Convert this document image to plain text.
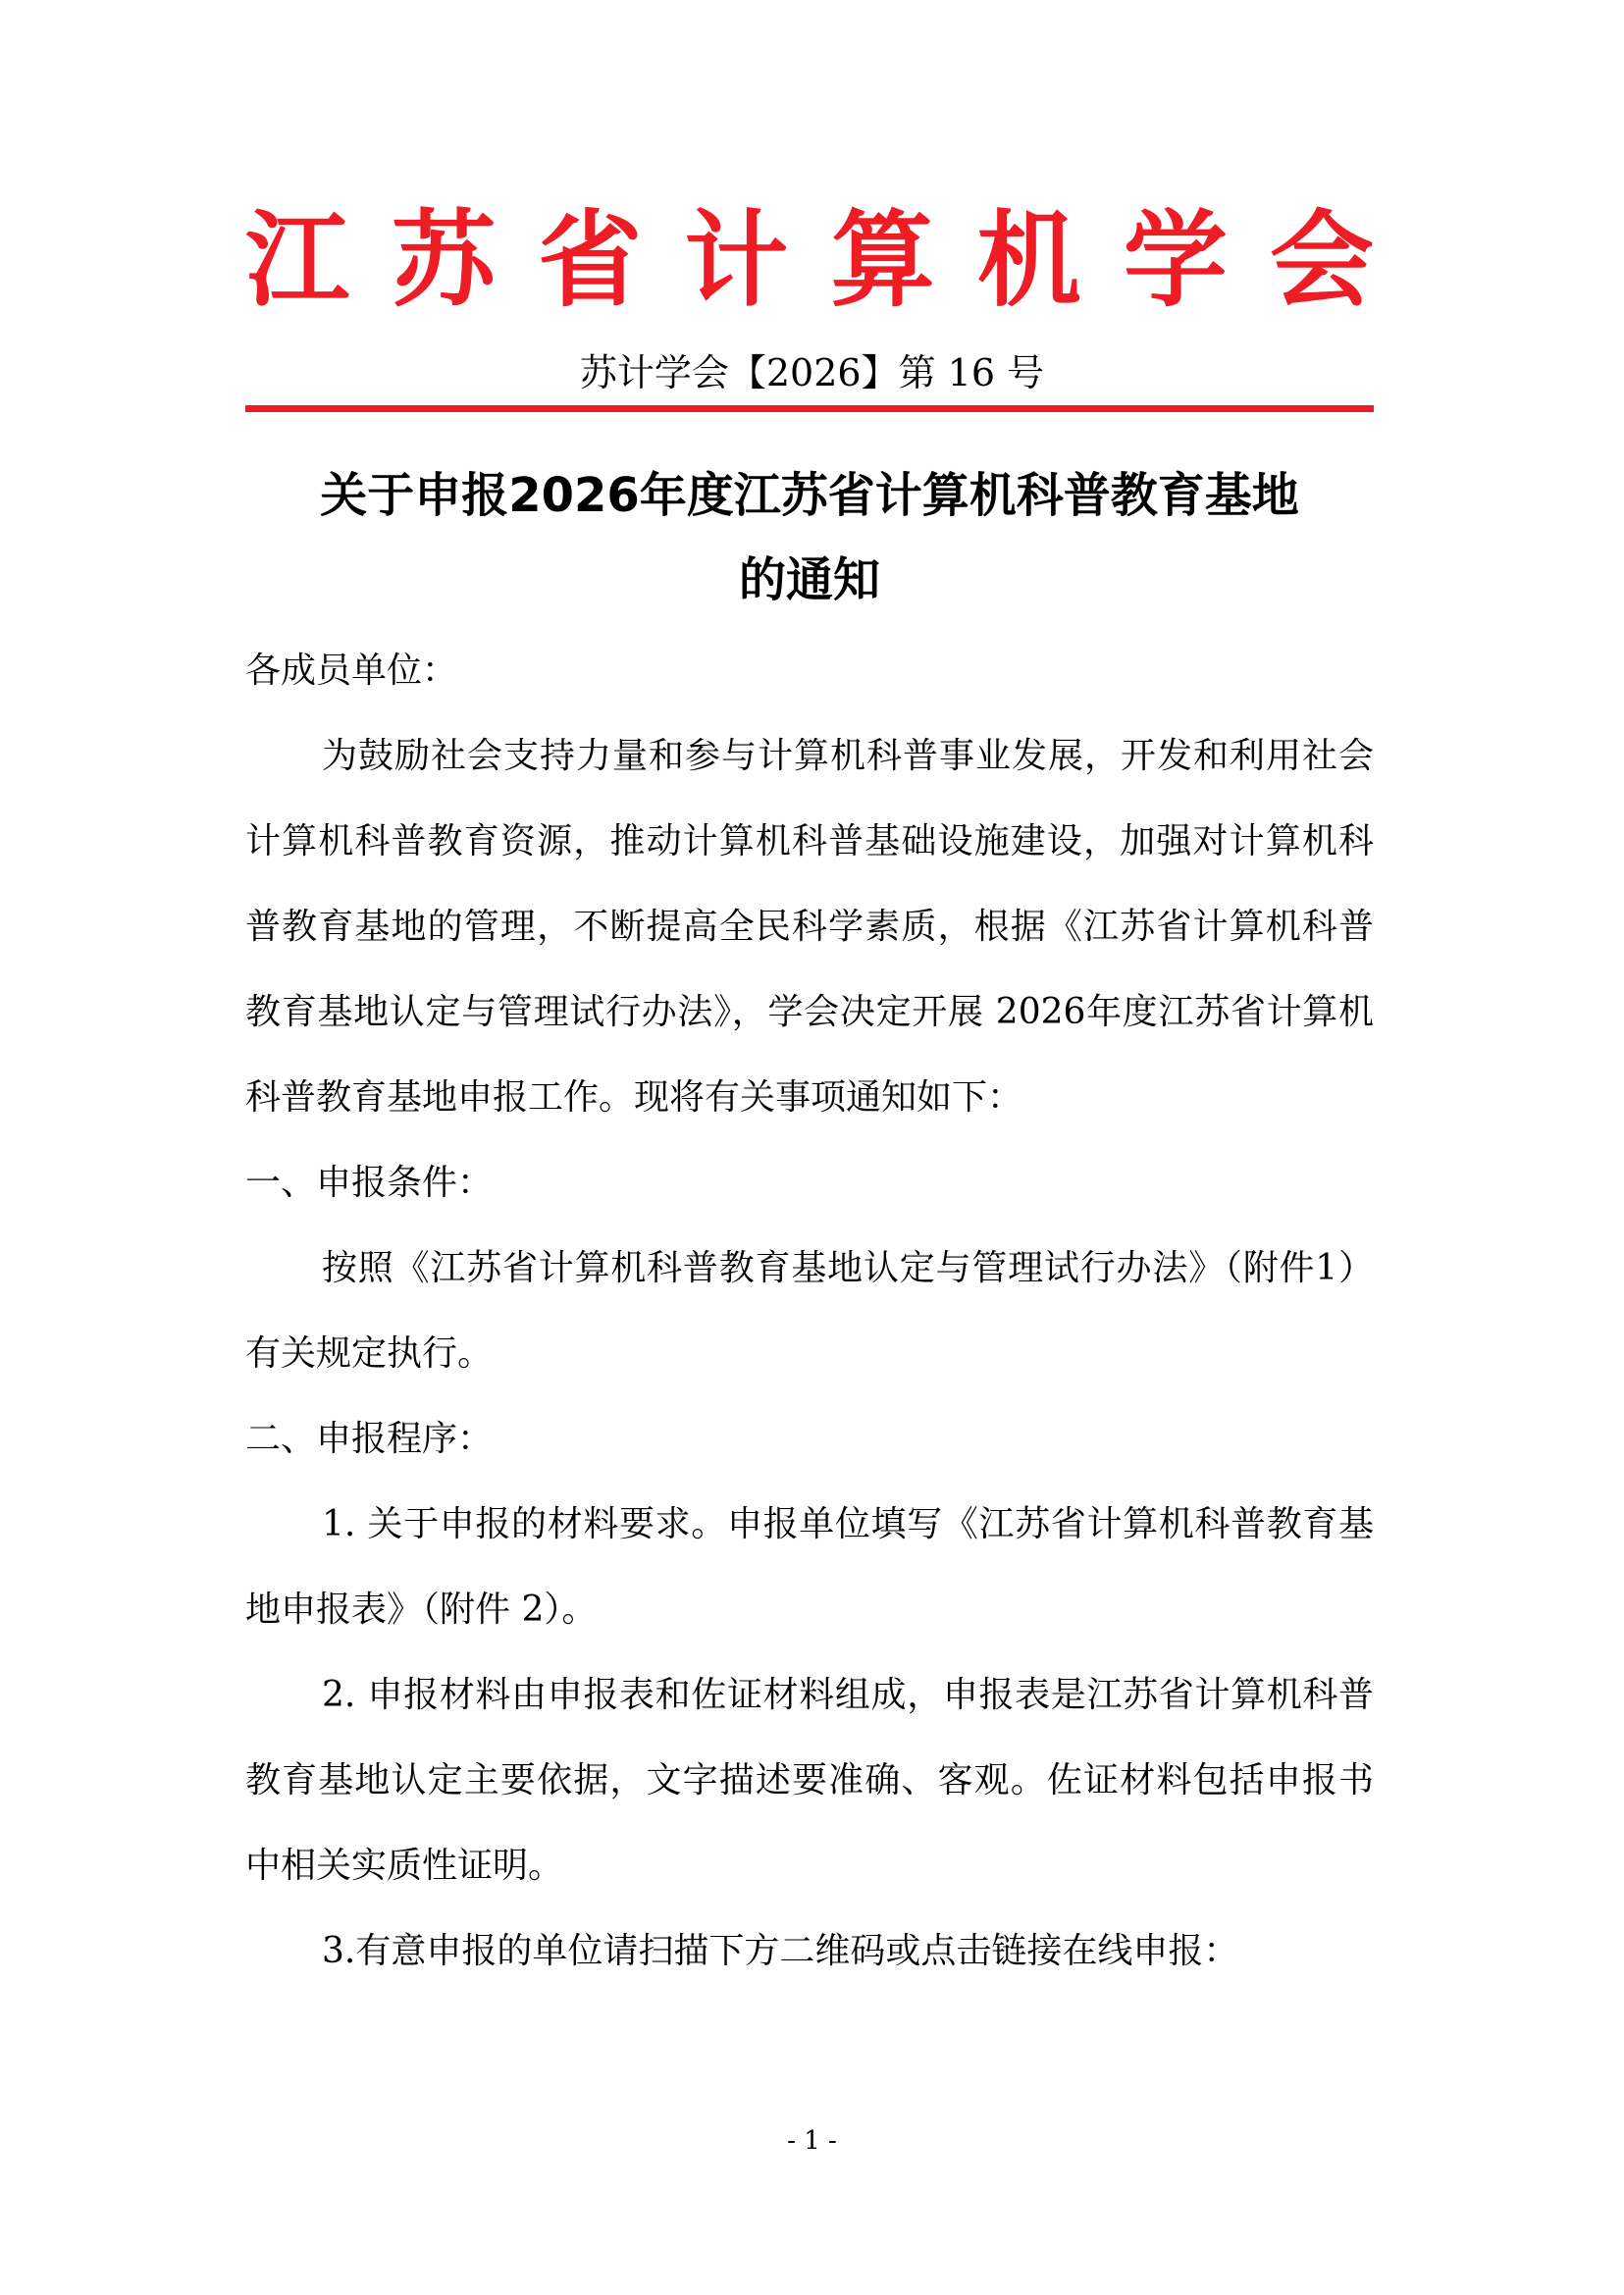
江 苏 省 计 算 机 学 会
苏计学会【2026】第 16 号
关于申报2026年度江苏省计算机科普教育基地
的通知

各成员单位：

为鼓励社会支持力量和参与计算机科普事业发展，开发和利用社会计算机科普教育资源，推动计算机科普基础设施建设，加强对计算机科普教育基地的管理，不断提高全民科学素质，根据《江苏省计算机科普教育基地认定与管理试行办法》，学会决定开展 2026年度江苏省计算机科普教育基地申报工作。现将有关事项通知如下：

一、申报条件：

按照《江苏省计算机科普教育基地认定与管理试行办法》（附件1）有关规定执行。

二、申报程序：

1. 关于申报的材料要求。申报单位填写《江苏省计算机科普教育基地申报表》（附件 2）。

2. 申报材料由申报表和佐证材料组成，申报表是江苏省计算机科普教育基地认定主要依据，文字描述要准确、客观。佐证材料包括申报书中相关实质性证明。

3.有意申报的单位请扫描下方二维码或点击链接在线申报：

- 1 -
